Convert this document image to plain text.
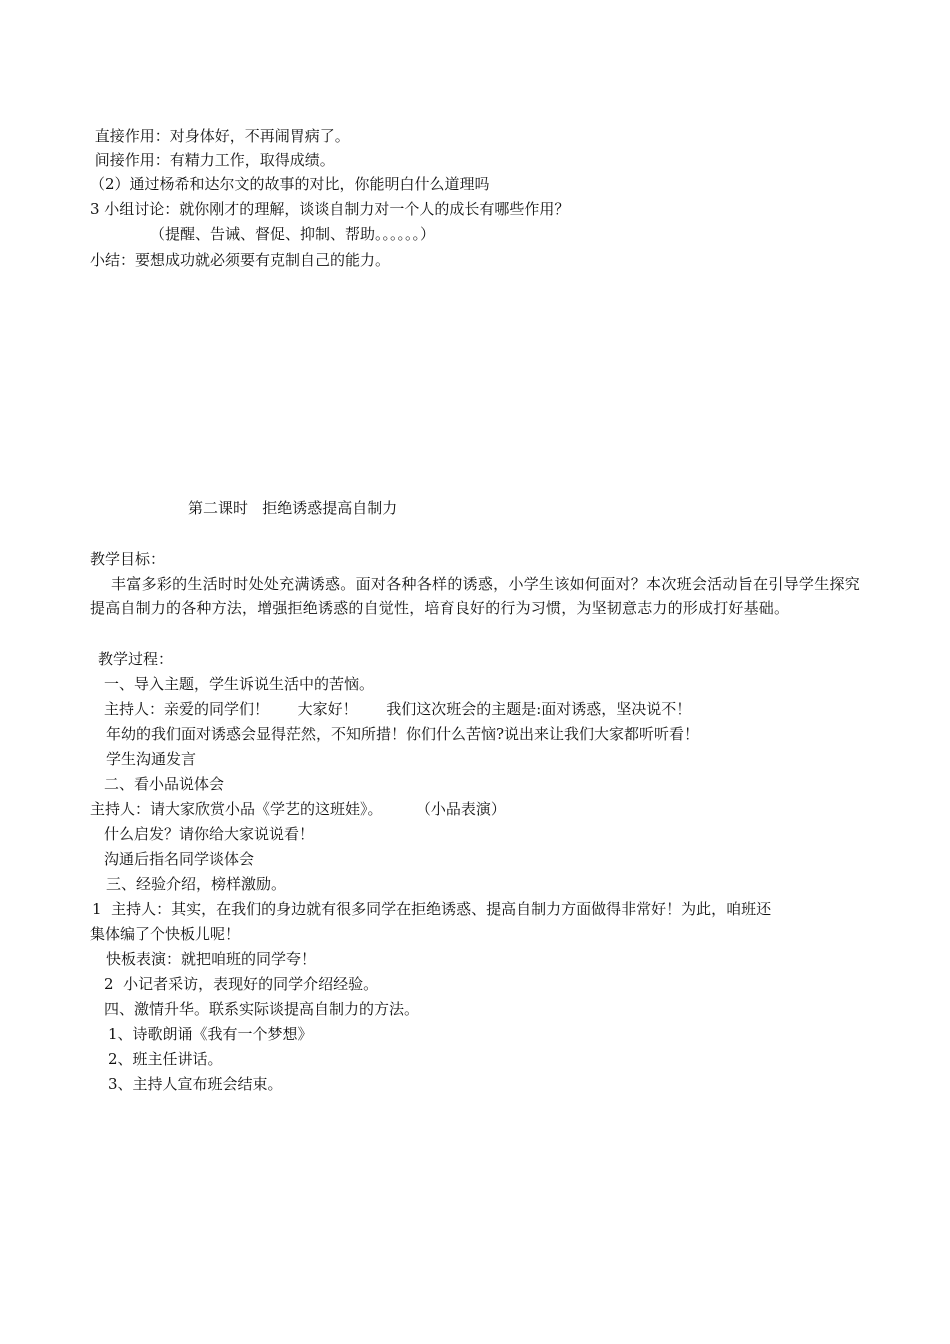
直接作用：对身体好，不再闹胃病了。
间接作用：有精力工作，取得成绩。
（2）通过杨希和达尔文的故事的对比，你能明白什么道理吗
3 小组讨论：就你刚才的理解，谈谈自制力对一个人的成长有哪些作用？
（提醒、告诫、督促、抑制、帮助。。。。。。）
小结：要想成功就必须要有克制自己的能力。
第二课时   拒绝诱惑提高自制力
教学目标：
丰富多彩的生活时时处处充满诱惑。面对各种各样的诱惑，小学生该如何面对？本次班会活动旨在引导学生探究提高自制力的各种方法，增强拒绝诱惑的自觉性，培育良好的行为习惯，为坚韧意志力的形成打好基础。
教学过程：
一、导入主题，学生诉说生活中的苦恼。
主持人：亲爱的同学们！      大家好！      我们这次班会的主题是:面对诱惑，坚决说不！
年幼的我们面对诱惑会显得茫然，不知所措！你们什么苦恼?说出来让我们大家都听听看！
学生沟通发言
二、看小品说体会
主持人：请大家欣赏小品《学艺的这班娃》。       （小品表演）
什么启发？请你给大家说说看！
沟通后指名同学谈体会
三、经验介绍，榜样激励。
1  主持人：其实，在我们的身边就有很多同学在拒绝诱惑、提高自制力方面做得非常好！为此，咱班还
集体编了个快板儿呢！
快板表演：就把咱班的同学夸！
2  小记者采访，表现好的同学介绍经验。
四、激情升华。联系实际谈提高自制力的方法。
1、诗歌朗诵《我有一个梦想》
2、班主任讲话。
3、主持人宣布班会结束。
